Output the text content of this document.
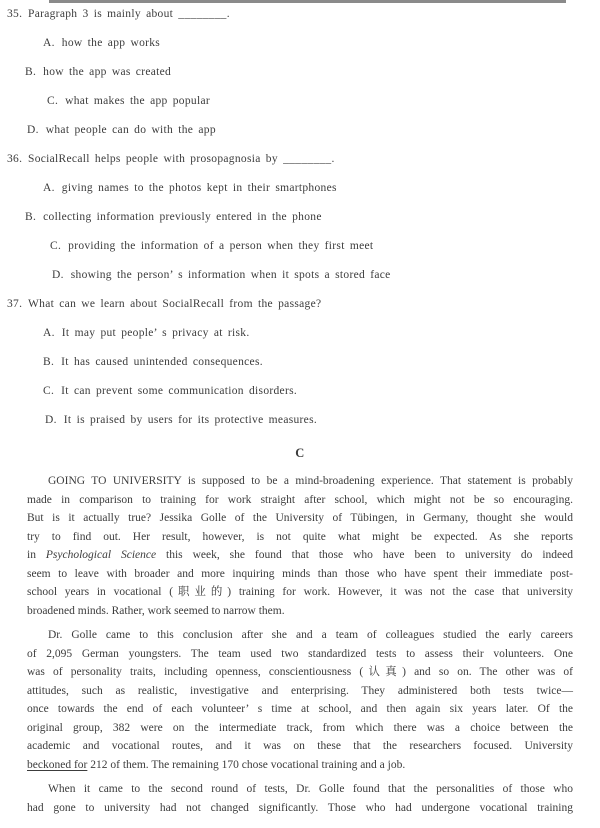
35. Paragraph 3 is mainly about ________.
A. how the app works
B. how the app was created
C. what makes the app popular
D. what people can do with the app
36. SocialRecall helps people with prosopagnosia by ________.
A. giving names to the photos kept in their smartphones
B. collecting information previously entered in the phone
C. providing the information of a person when they first meet
D. showing the person’ s information when it spots a stored face
37. What can we learn about SocialRecall from the passage?
A. It may put people’ s privacy at risk.
B. It has caused unintended consequences.
C. It can prevent some communication disorders.
D. It is praised by users for its protective measures.
C
GOING TO UNIVERSITY is supposed to be a mind-broadening experience. That statement is probably
made in comparison to training for work straight after school, which might not be so encouraging.
But is it actually true? Jessika Golle of the University of Tübingen, in Germany, thought she would
try to find out. Her result, however, is not quite what might be expected. As she reports
in Psychological Science this week, she found that those who have been to university do indeed
seem to leave with broader and more inquiring minds than those who have spent their immediate post-
school years in vocational (职业的) training for work. However, it was not the case that university
broadened minds. Rather, work seemed to narrow them.
Dr. Golle came to this conclusion after she and a team of colleagues studied the early careers
of 2,095 German youngsters. The team used two standardized tests to assess their volunteers. One
was of personality traits, including openness, conscientiousness (认真) and so on. The other was of
attitudes, such as realistic, investigative and enterprising. They administered both tests twice—
once towards the end of each volunteer’ s time at school, and then again six years later. Of the
original group, 382 were on the intermediate track, from which there was a choice between the
academic and vocational routes, and it was on these that the researchers focused. University
beckoned for 212 of them. The remaining 170 chose vocational training and a job.
When it came to the second round of tests, Dr. Golle found that the personalities of those who
had gone to university had not changed significantly. Those who had undergone vocational training
